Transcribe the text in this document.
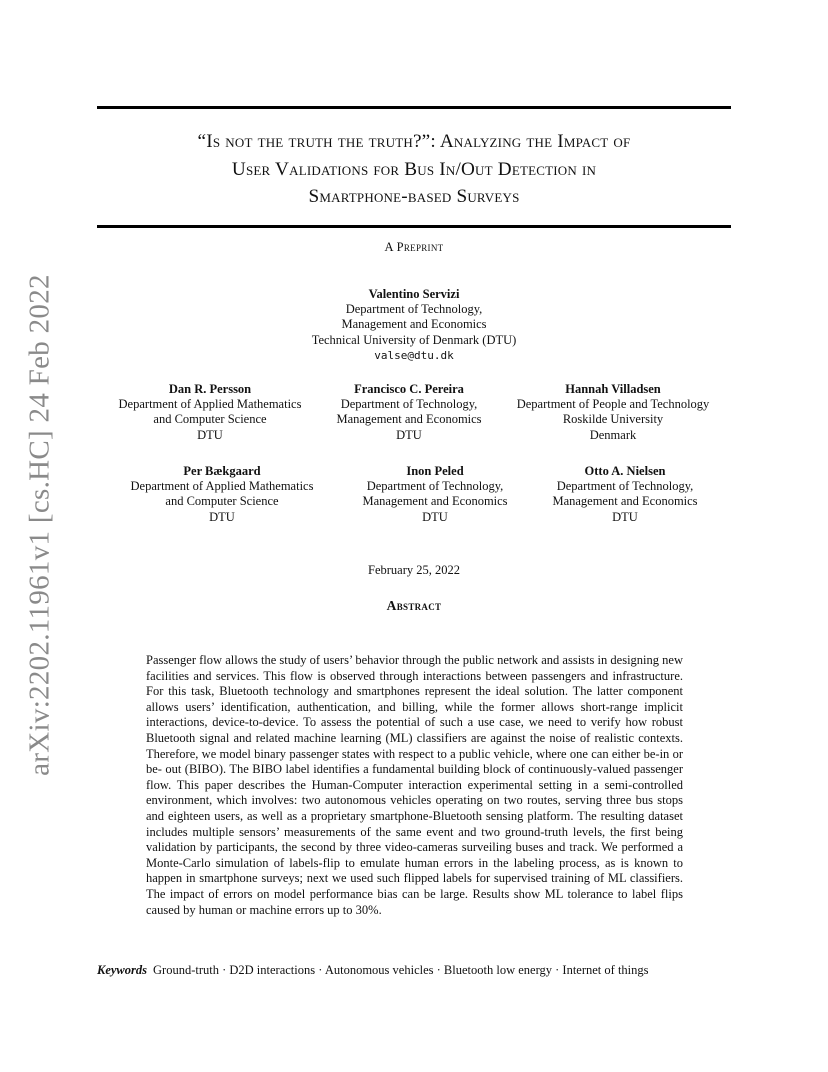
arXiv:2202.11961v1 [cs.HC] 24 Feb 2022
“Is not the truth the truth?”: Analyzing the Impact of
User Validations for Bus In/Out Detection in
Smartphone-based Surveys
A Preprint
Valentino Servizi
Department of Technology,
Management and Economics
Technical University of Denmark (DTU)
valse@dtu.dk
Dan R. Persson
Department of Applied Mathematics
and Computer Science
DTU
Francisco C. Pereira
Department of Technology,
Management and Economics
DTU
Hannah Villadsen
Department of People and Technology
Roskilde University
Denmark
Per Bækgaard
Department of Applied Mathematics
and Computer Science
DTU
Inon Peled
Department of Technology,
Management and Economics
DTU
Otto A. Nielsen
Department of Technology,
Management and Economics
DTU
February 25, 2022
Abstract
Passenger flow allows the study of users’ behavior through the public network and assists in designing new facilities and services. This flow is observed through interactions between passengers and infrastructure. For this task, Bluetooth technology and smartphones represent the ideal solution. The latter component allows users’ identification, authentication, and billing, while the former allows short-range implicit interactions, device-to-device. To assess the potential of such a use case, we need to verify how robust Bluetooth signal and related machine learning (ML) classifiers are against the noise of realistic contexts. Therefore, we model binary passenger states with respect to a public vehicle, where one can either be-in or be- out (BIBO). The BIBO label identifies a fundamental building block of continuously-valued passenger flow. This paper describes the Human-Computer interaction experimental setting in a semi-controlled environment, which involves: two autonomous vehicles operating on two routes, serving three bus stops and eighteen users, as well as a proprietary smartphone-Bluetooth sensing platform. The resulting dataset includes multiple sensors’ measurements of the same event and two ground-truth levels, the first being validation by participants, the second by three video-cameras surveiling buses and track. We performed a Monte-Carlo simulation of labels-flip to emulate human errors in the labeling process, as is known to happen in smartphone surveys; next we used such flipped labels for supervised training of ML classifiers. The impact of errors on model performance bias can be large. Results show ML tolerance to label flips caused by human or machine errors up to 30%.
Keywords Ground-truth · D2D interactions · Autonomous vehicles · Bluetooth low energy · Internet of things
